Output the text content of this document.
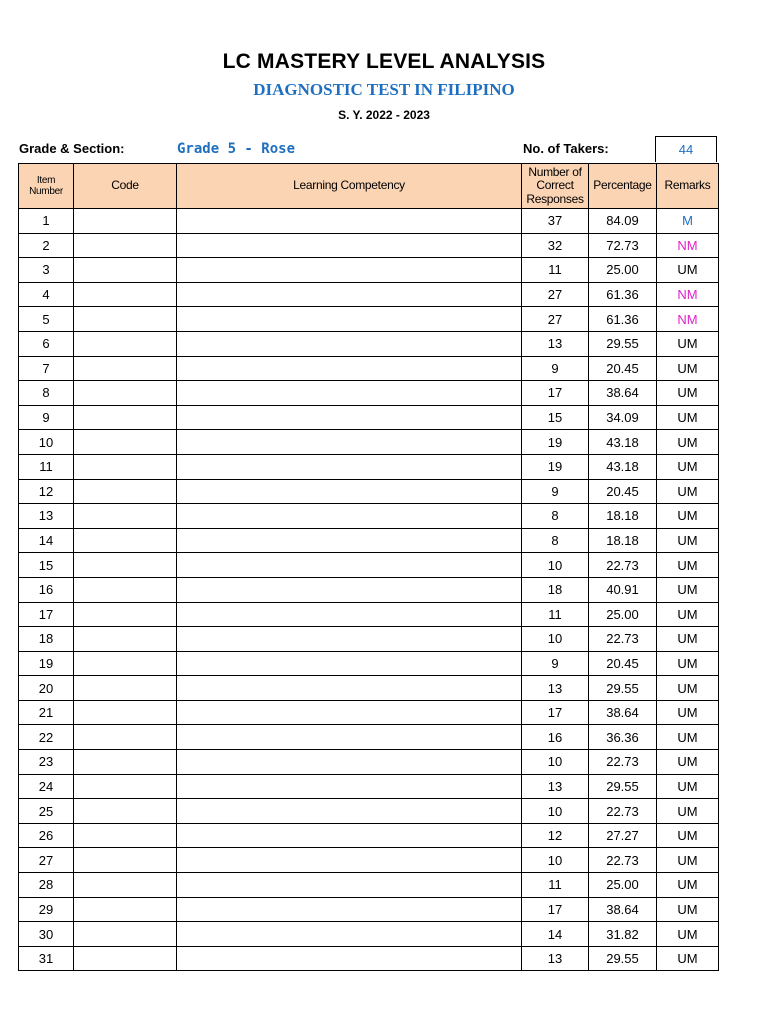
LC MASTERY LEVEL ANALYSIS
DIAGNOSTIC TEST IN FILIPINO
S. Y. 2022 - 2023
Grade & Section:	Grade 5 - Rose	No. of Takers:	44
Item Number	Code	Learning Competency	Number of Correct Responses	Percentage	Remarks
1			37	84.09	M
2			32	72.73	NM
3			11	25.00	UM
4			27	61.36	NM
5			27	61.36	NM
6			13	29.55	UM
7			9	20.45	UM
8			17	38.64	UM
9			15	34.09	UM
10			19	43.18	UM
11			19	43.18	UM
12			9	20.45	UM
13			8	18.18	UM
14			8	18.18	UM
15			10	22.73	UM
16			18	40.91	UM
17			11	25.00	UM
18			10	22.73	UM
19			9	20.45	UM
20			13	29.55	UM
21			17	38.64	UM
22			16	36.36	UM
23			10	22.73	UM
24			13	29.55	UM
25			10	22.73	UM
26			12	27.27	UM
27			10	22.73	UM
28			11	25.00	UM
29			17	38.64	UM
30			14	31.82	UM
31			13	29.55	UM
